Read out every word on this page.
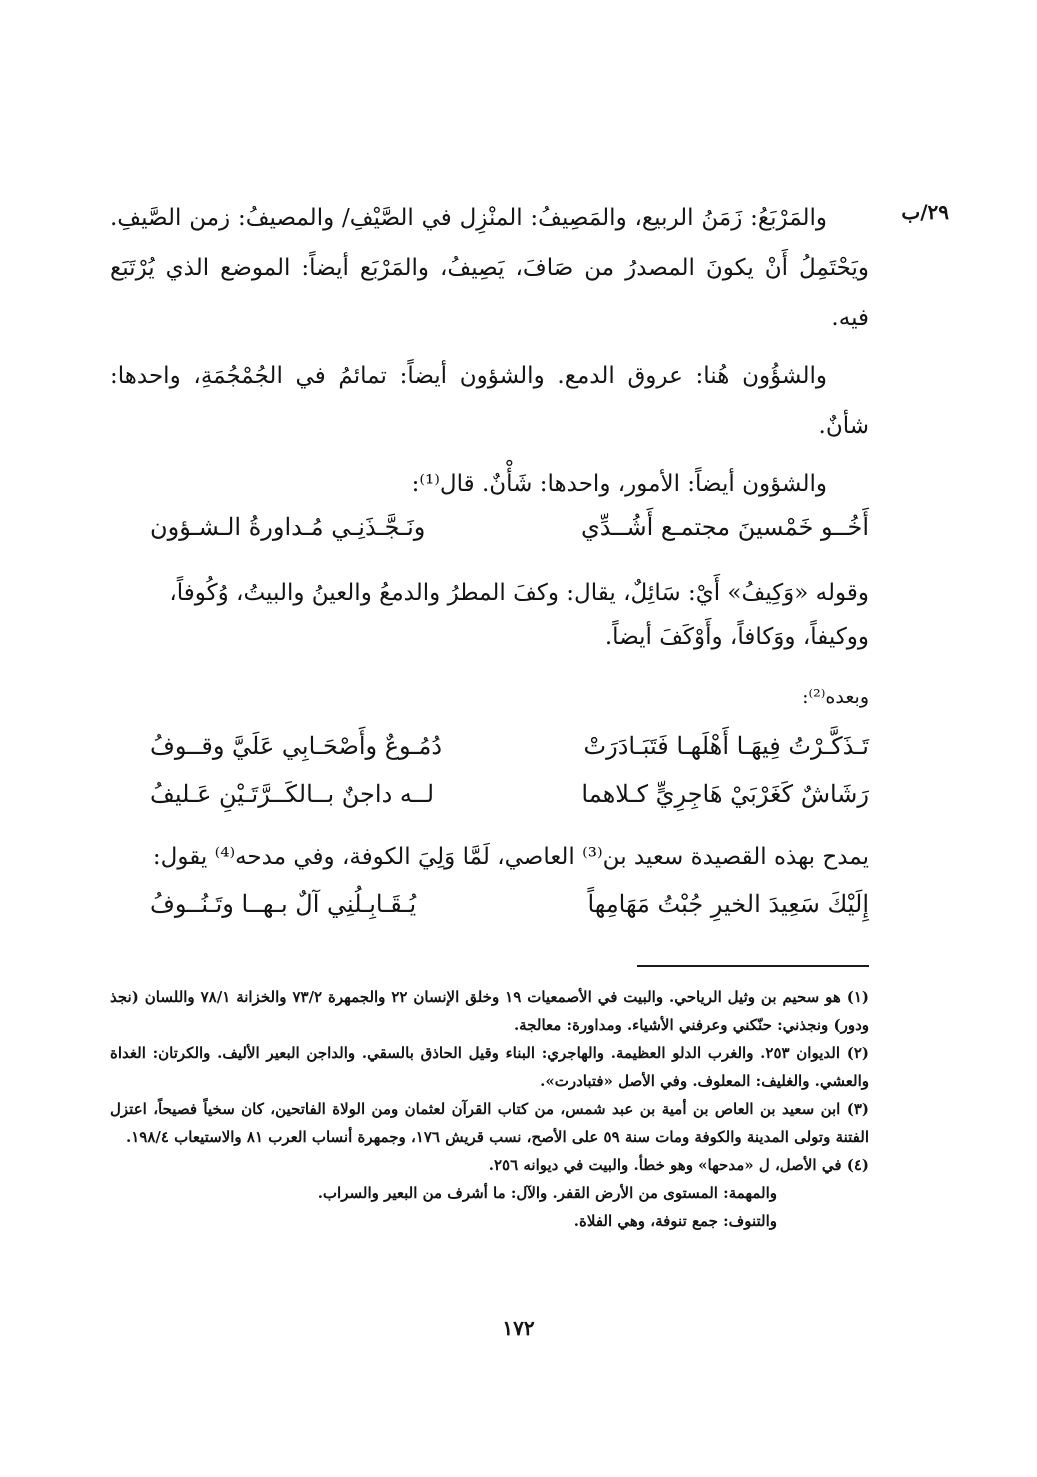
٢٩/ب

والمَرْبَعُ: زَمَنُ الربيع، والمَصِيفُ: المنْزِل في الصَّيْفِ/ والمصيفُ: زمن الصَّيفِ. ويَحْتَمِلُ أَنْ يكونَ المصدرُ من صَافَ، يَصِيفُ، والمَرْبَع أيضاً: الموضع الذي يُرْتَبَع فيه.

والشؤُون هُنا: عروق الدمع. والشؤون أيضاً: تمائمُ في الجُمْجُمَةِ، واحدها: شأنٌ.

والشؤون أيضاً: الأمور، واحدها: شَأْنٌ. قال⁽¹⁾:

أَخُــو خَمْسينَ مجتمـع أَشُــدِّي
ونَـجَّـذَنِـي مُـداورةُ الـشـؤون
وقوله «وَكِيفُ» أَيْ: سَائِلٌ، يقال: وكفَ المطرُ والدمعُ والعينُ والبيتُ، وُكُوفاً،
ووكيفاً، ووَكافاً، وأَوْكَفَ أيضاً.
وبعده⁽²⁾:
تَـذَكَّـرْتُ فِيهَـا أَهْلَهـا فَتَبَـادَرَتْ
دُمُـوعٌ وأَصْحَـابِي عَلَيَّ وقــوفُ
رَشَاشٌ كَغَرْبَيْ هَاجِرِيٍّ كـلاهما
لــه داجنٌ بــالكَــرَّتَـيْنِ عَـليفُ
يمدح بهذه القصيدة سعيد بن⁽³⁾ العاصي، لَمَّا وَلِيَ الكوفة، وفي مدحه⁽⁴⁾ يقول:
إِلَيْكَ سَعِيدَ الخيرِ جُبْتُ مَهَامِهاً
يُـقَـابِـلُنِي آلٌ بـهــا وتَـنُــوفُ

(١) هو سحيم بن وثيل الرياحي. والبيت في الأصمعيات ١٩ وخلق الإنسان ٢٢ والجمهرة ٧٣/٢ والخزانة ٧٨/١ واللسان (نجذ ودور) ونجذني: حنّكني وعرفني الأشياء. ومداورة: معالجة.

(٢) الديوان ٢٥٣. والغرب الدلو العظيمة. والهاجري: البناء وقيل الحاذق بالسقي. والداجن البعير الأليف. والكرتان: الغداة والعشي. والغليف: المعلوف. وفي الأصل «فتبادرت».

(٣) ابن سعيد بن العاص بن أمية بن عبد شمس، من كتاب القرآن لعثمان ومن الولاة الفاتحين، كان سخياً فصيحاً، اعتزل الفتنة وتولى المدينة والكوفة ومات سنة ٥٩ على الأصح، نسب قريش ١٧٦، وجمهرة أنساب العرب ٨١ والاستيعاب ١٩٨/٤.

(٤) في الأصل، ل «مدحها» وهو خطأ. والبيت في ديوانه ٢٥٦.

والمهمة: المستوى من الأرض القفر. والآل: ما أشرف من البعير والسراب.

والتنوف: جمع تنوفة، وهي الفلاة.

١٧٢
